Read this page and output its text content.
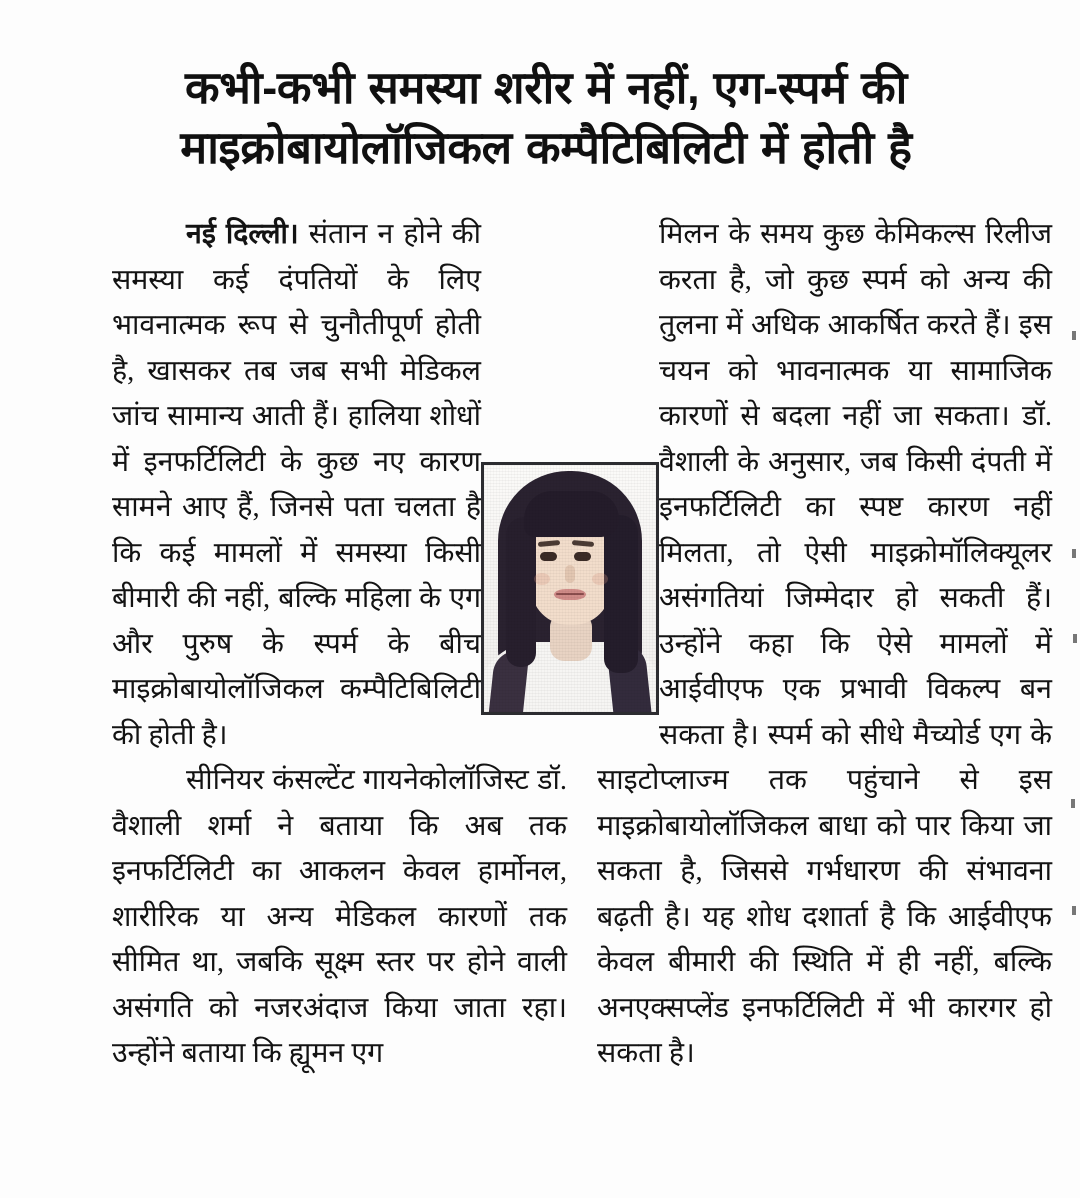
कभी-कभी समस्या शरीर में नहीं, एग-स्पर्म की
माइक्रोबायोलॉजिकल कम्पैटिबिलिटी में होती है

नई दिल्ली। संतान न होने की समस्या कई दंपतियों के लिए भावनात्मक रूप से चुनौतीपूर्ण होती है, खासकर तब जब सभी मेडिकल जांच सामान्य आती हैं। हालिया शोधों में इनफर्टिलिटी के कुछ नए कारण सामने आए हैं, जिनसे पता चलता है कि कई मामलों में समस्या किसी बीमारी की नहीं, बल्कि महिला के एग और पुरुष के स्पर्म के बीच माइक्रोबायोलॉजिकल कम्पैटिबिलिटी की होती है।

सीनियर कंसल्टेंट गायनेकोलॉजिस्ट डॉ. वैशाली शर्मा ने बताया कि अब तक इनफर्टिलिटी का आकलन केवल हार्मोनल, शारीरिक या अन्य मेडिकल कारणों तक सीमित था, जबकि सूक्ष्म स्तर पर होने वाली असंगति को नजरअंदाज किया जाता रहा। उन्होंने बताया कि ह्यूमन एग

मिलन के समय कुछ केमिकल्स रिलीज करता है, जो कुछ स्पर्म को अन्य की तुलना में अधिक आकर्षित करते हैं। इस चयन को भावनात्मक या सामाजिक कारणों से बदला नहीं जा सकता। डॉ. वैशाली के अनुसार, जब किसी दंपती में इनफर्टिलिटी का स्पष्ट कारण नहीं मिलता, तो ऐसी माइक्रोमॉलिक्यूलर असंगतियां जिम्मेदार हो सकती हैं। उन्होंने कहा कि ऐसे मामलों में आईवीएफ एक प्रभावी विकल्प बन सकता है। स्पर्म को सीधे मैच्योर्ड एग के साइटोप्लाज्म तक पहुंचाने से इस माइक्रोबायोलॉजिकल बाधा को पार किया जा सकता है, जिससे गर्भधारण की संभावना बढ़ती है। यह शोध दशार्ता है कि आईवीएफ केवल बीमारी की स्थिति में ही नहीं, बल्कि अनएक्सप्लेंड इनफर्टिलिटी में भी कारगर हो सकता है।
